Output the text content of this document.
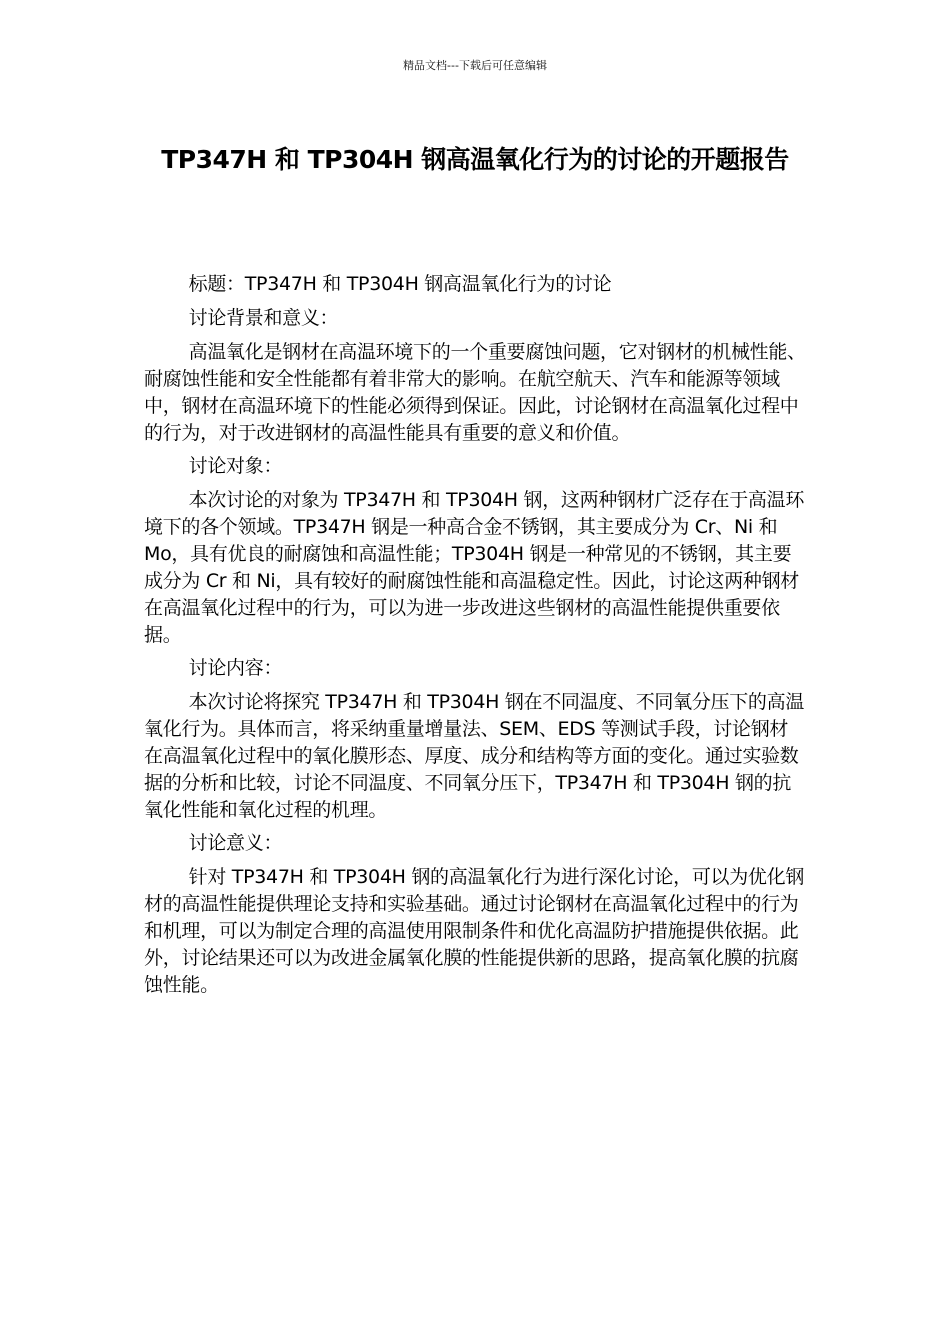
精品文档---下载后可任意编辑
TP347H 和 TP304H 钢高温氧化行为的讨论的开题报告

标题：TP347H 和 TP304H 钢高温氧化行为的讨论

讨论背景和意义：

高温氧化是钢材在高温环境下的一个重要腐蚀问题，它对钢材的机械性能、耐腐蚀性能和安全性能都有着非常大的影响。在航空航天、汽车和能源等领域中，钢材在高温环境下的性能必须得到保证。因此，讨论钢材在高温氧化过程中的行为，对于改进钢材的高温性能具有重要的意义和价值。

讨论对象：

本次讨论的对象为 TP347H 和 TP304H 钢，这两种钢材广泛存在于高温环境下的各个领域。TP347H 钢是一种高合金不锈钢，其主要成分为 Cr、Ni 和 Mo，具有优良的耐腐蚀和高温性能；TP304H 钢是一种常见的不锈钢，其主要成分为 Cr 和 Ni，具有较好的耐腐蚀性能和高温稳定性。因此，讨论这两种钢材在高温氧化过程中的行为，可以为进一步改进这些钢材的高温性能提供重要依据。

讨论内容：

本次讨论将探究 TP347H 和 TP304H 钢在不同温度、不同氧分压下的高温氧化行为。具体而言，将采纳重量增量法、SEM、EDS 等测试手段，讨论钢材在高温氧化过程中的氧化膜形态、厚度、成分和结构等方面的变化。通过实验数据的分析和比较，讨论不同温度、不同氧分压下，TP347H 和 TP304H 钢的抗氧化性能和氧化过程的机理。

讨论意义：

针对 TP347H 和 TP304H 钢的高温氧化行为进行深化讨论，可以为优化钢材的高温性能提供理论支持和实验基础。通过讨论钢材在高温氧化过程中的行为和机理，可以为制定合理的高温使用限制条件和优化高温防护措施提供依据。此外，讨论结果还可以为改进金属氧化膜的性能提供新的思路，提高氧化膜的抗腐蚀性能。
